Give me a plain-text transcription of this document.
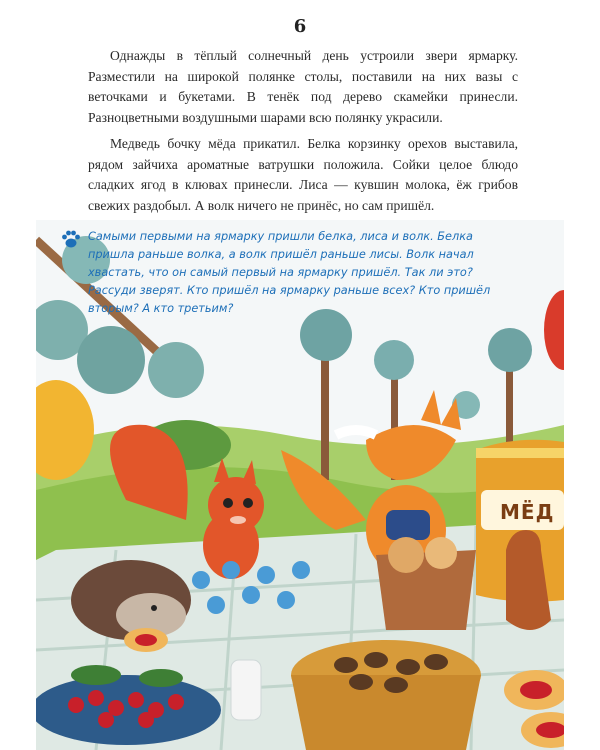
6

Однажды в тёплый солнечный день устроили звери ярмарку. Разместили на широкой полянке столы, поставили на них вазы с веточками и букетами. В тенёк под дерево скамейки принесли. Разноцветными воздушными шарами всю полянку украсили.

Медведь бочку мёда прикатил. Белка корзинку орехов выставила, рядом зайчиха ароматные ватрушки положила. Сойки целое блюдо сладких ягод в клювах принесли. Лиса — кувшин молока, ёж грибов свежих раздобыл. А волк ничего не принёс, но сам пришёл.

Самыми первыми на ярмарку пришли белка, лиса и волк. Белка пришла раньше волка, а волк пришёл раньше лисы. Волк начал хвастать, что он самый первый на ярмарку пришёл. Так ли это? Рассуди зверят. Кто пришёл на ярмарку раньше всех? Кто пришёл вторым? А кто третьим?

МЁД
